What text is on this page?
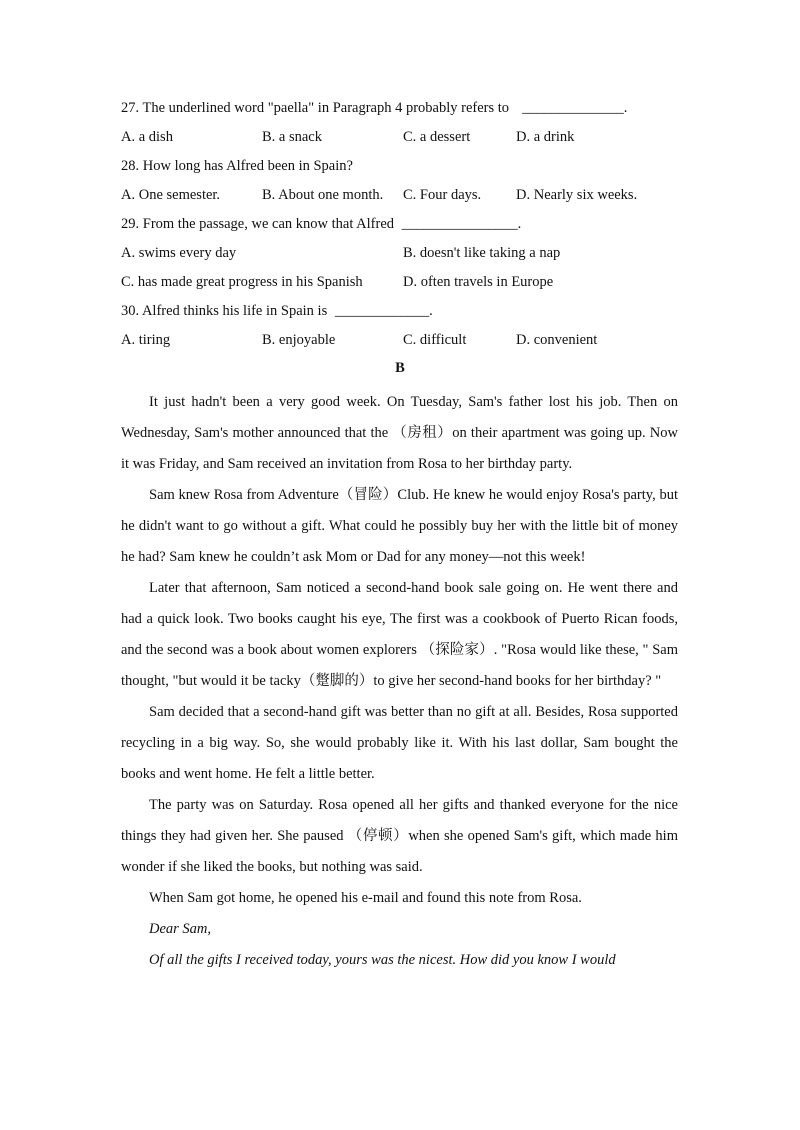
27. The underlined word "paella" in Paragraph 4 probably refers to ______________.
A. a dish	B. a snack	C. a dessert	D. a drink
28. How long has Alfred been in Spain?
A. One semester.	B. About one month. C. Four days. D. Nearly six weeks.
29. From the passage, we can know that Alfred ________________.
A. swims every day	B. doesn't like taking a nap
C. has made great progress in his Spanish	D. often travels in Europe
30. Alfred thinks his life in Spain is _____________.
A. tiring	B. enjoyable	C. difficult	D. convenient
B

It just hadn't been a very good week. On Tuesday, Sam's father lost his job. Then on Wednesday, Sam's mother announced that the （房租）on their apartment was going up. Now it was Friday, and Sam received an invitation from Rosa to her birthday party.

Sam knew Rosa from Adventure（冒险）Club. He knew he would enjoy Rosa's party, but he didn't want to go without a gift. What could he possibly buy her with the little bit of money he had? Sam knew he couldn’t ask Mom or Dad for any money—not this week!

Later that afternoon, Sam noticed a second-hand book sale going on. He went there and had a quick look. Two books caught his eye, The first was a cookbook of Puerto Rican foods, and the second was a book about women explorers （探险家）. "Rosa would like these, " Sam thought, "but would it be tacky（蹩脚的）to give her second-hand books for her birthday? "

Sam decided that a second-hand gift was better than no gift at all. Besides, Rosa supported recycling in a big way. So, she would probably like it. With his last dollar, Sam bought the books and went home. He felt a little better.

The party was on Saturday. Rosa opened all her gifts and thanked everyone for the nice things they had given her. She paused （停顿）when she opened Sam's gift, which made him wonder if she liked the books, but nothing was said.

When Sam got home, he opened his e-mail and found this note from Rosa.

Dear Sam,

Of all the gifts I received today, yours was the nicest. How did you know I would
